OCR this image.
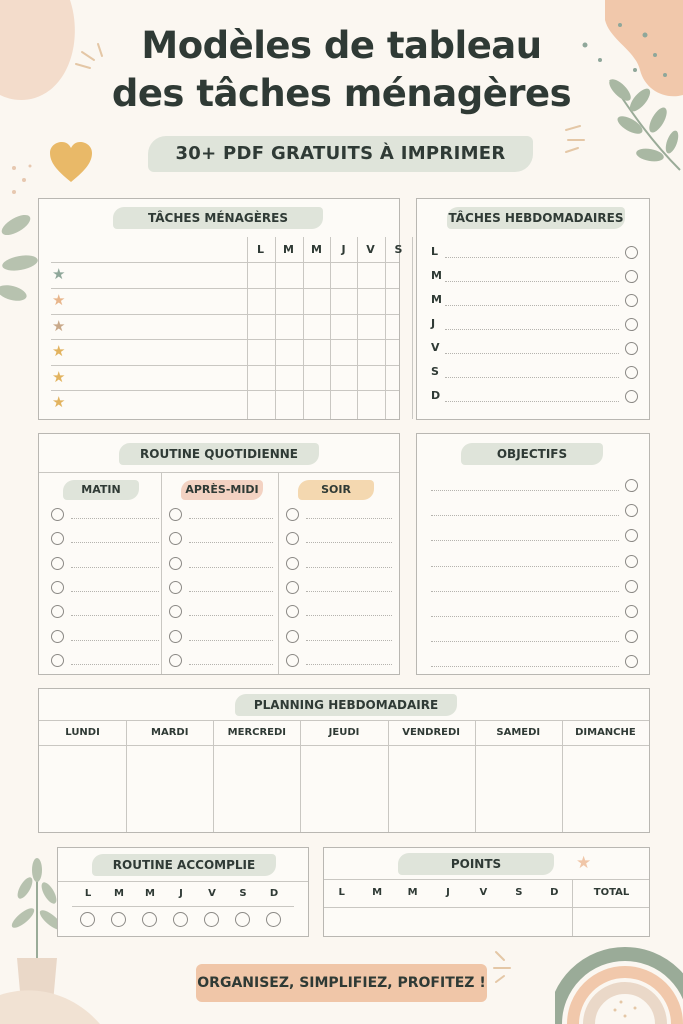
Modèles de tableau
des tâches ménagères
30+ PDF GRATUITS À IMPRIMER
TÂCHES MÉNAGÈRES
L	M	M	J	V	S
★
★
★
★
★
★
TÂCHES HEBDOMADAIRES
L
M
M
J
V
S
D
ROUTINE QUOTIDIENNE
MATIN	APRÈS-MIDI	SOIR
OBJECTIFS
PLANNING HEBDOMADAIRE
LUNDI	MARDI	MERCREDI	JEUDI	VENDREDI	SAMEDI	DIMANCHE
ROUTINE ACCOMPLIE
L	M	M	J	V	S	D
POINTS	★
L	M	M	J	V	S	D	TOTAL
ORGANISEZ, SIMPLIFIEZ, PROFITEZ !
